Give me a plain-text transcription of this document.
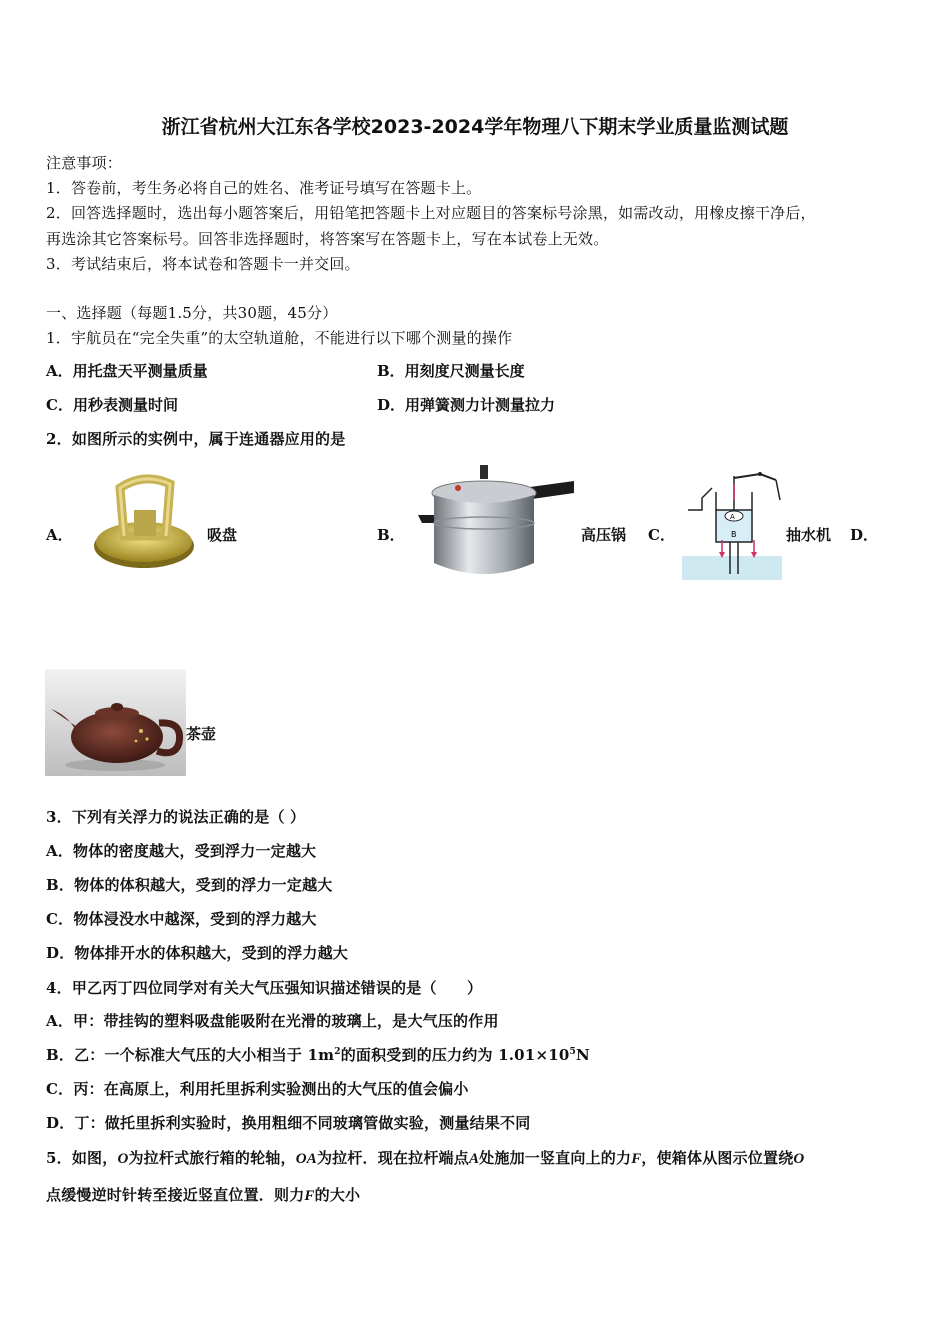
浙江省杭州大江东各学校2023-2024学年物理八下期末学业质量监测试题
注意事项：
1．答卷前，考生务必将自己的姓名、准考证号填写在答题卡上。
2．回答选择题时，选出每小题答案后，用铅笔把答题卡上对应题目的答案标号涂黑，如需改动，用橡皮擦干净后，
再选涂其它答案标号。回答非选择题时，将答案写在答题卡上，写在本试卷上无效。
3．考试结束后，将本试卷和答题卡一并交回。
一、选择题（每题1.5分，共30题，45分）
1．宇航员在“完全失重”的太空轨道舱，不能进行以下哪个测量的操作
A．用托盘天平测量质量	B．用刻度尺测量长度
C．用秒表测量时间	D．用弹簧测力计测量拉力
2．如图所示的实例中，属于连通器应用的是
A．	吸盘	B．	高压锅 C．
A
B	抽水机 D．
茶壶
3．下列有关浮力的说法正确的是（ ）
A．物体的密度越大，受到浮力一定越大
B．物体的体积越大，受到的浮力一定越大
C．物体浸没水中越深，受到的浮力越大
D．物体排开水的体积越大，受到的浮力越大
4．甲乙丙丁四位同学对有关大气压强知识描述错误的是（　　）
A．甲：带挂钩的塑料吸盘能吸附在光滑的玻璃上，是大气压的作用
B．乙：一个标准大气压的大小相当于 $1m^2$的面积受到的压力约为 $1.01\times 10^5N$
C．丙：在高原上，利用托里拆利实验测出的大气压的值会偏小
D．丁：做托里拆利实验时，换用粗细不同玻璃管做实验，测量结果不同
5．如图，O为拉杆式旅行箱的轮轴，OA为拉杆．现在拉杆端点A处施加一竖直向上的力F，使箱体从图示位置绕O
点缓慢逆时针转至接近竖直位置．则力F的大小
